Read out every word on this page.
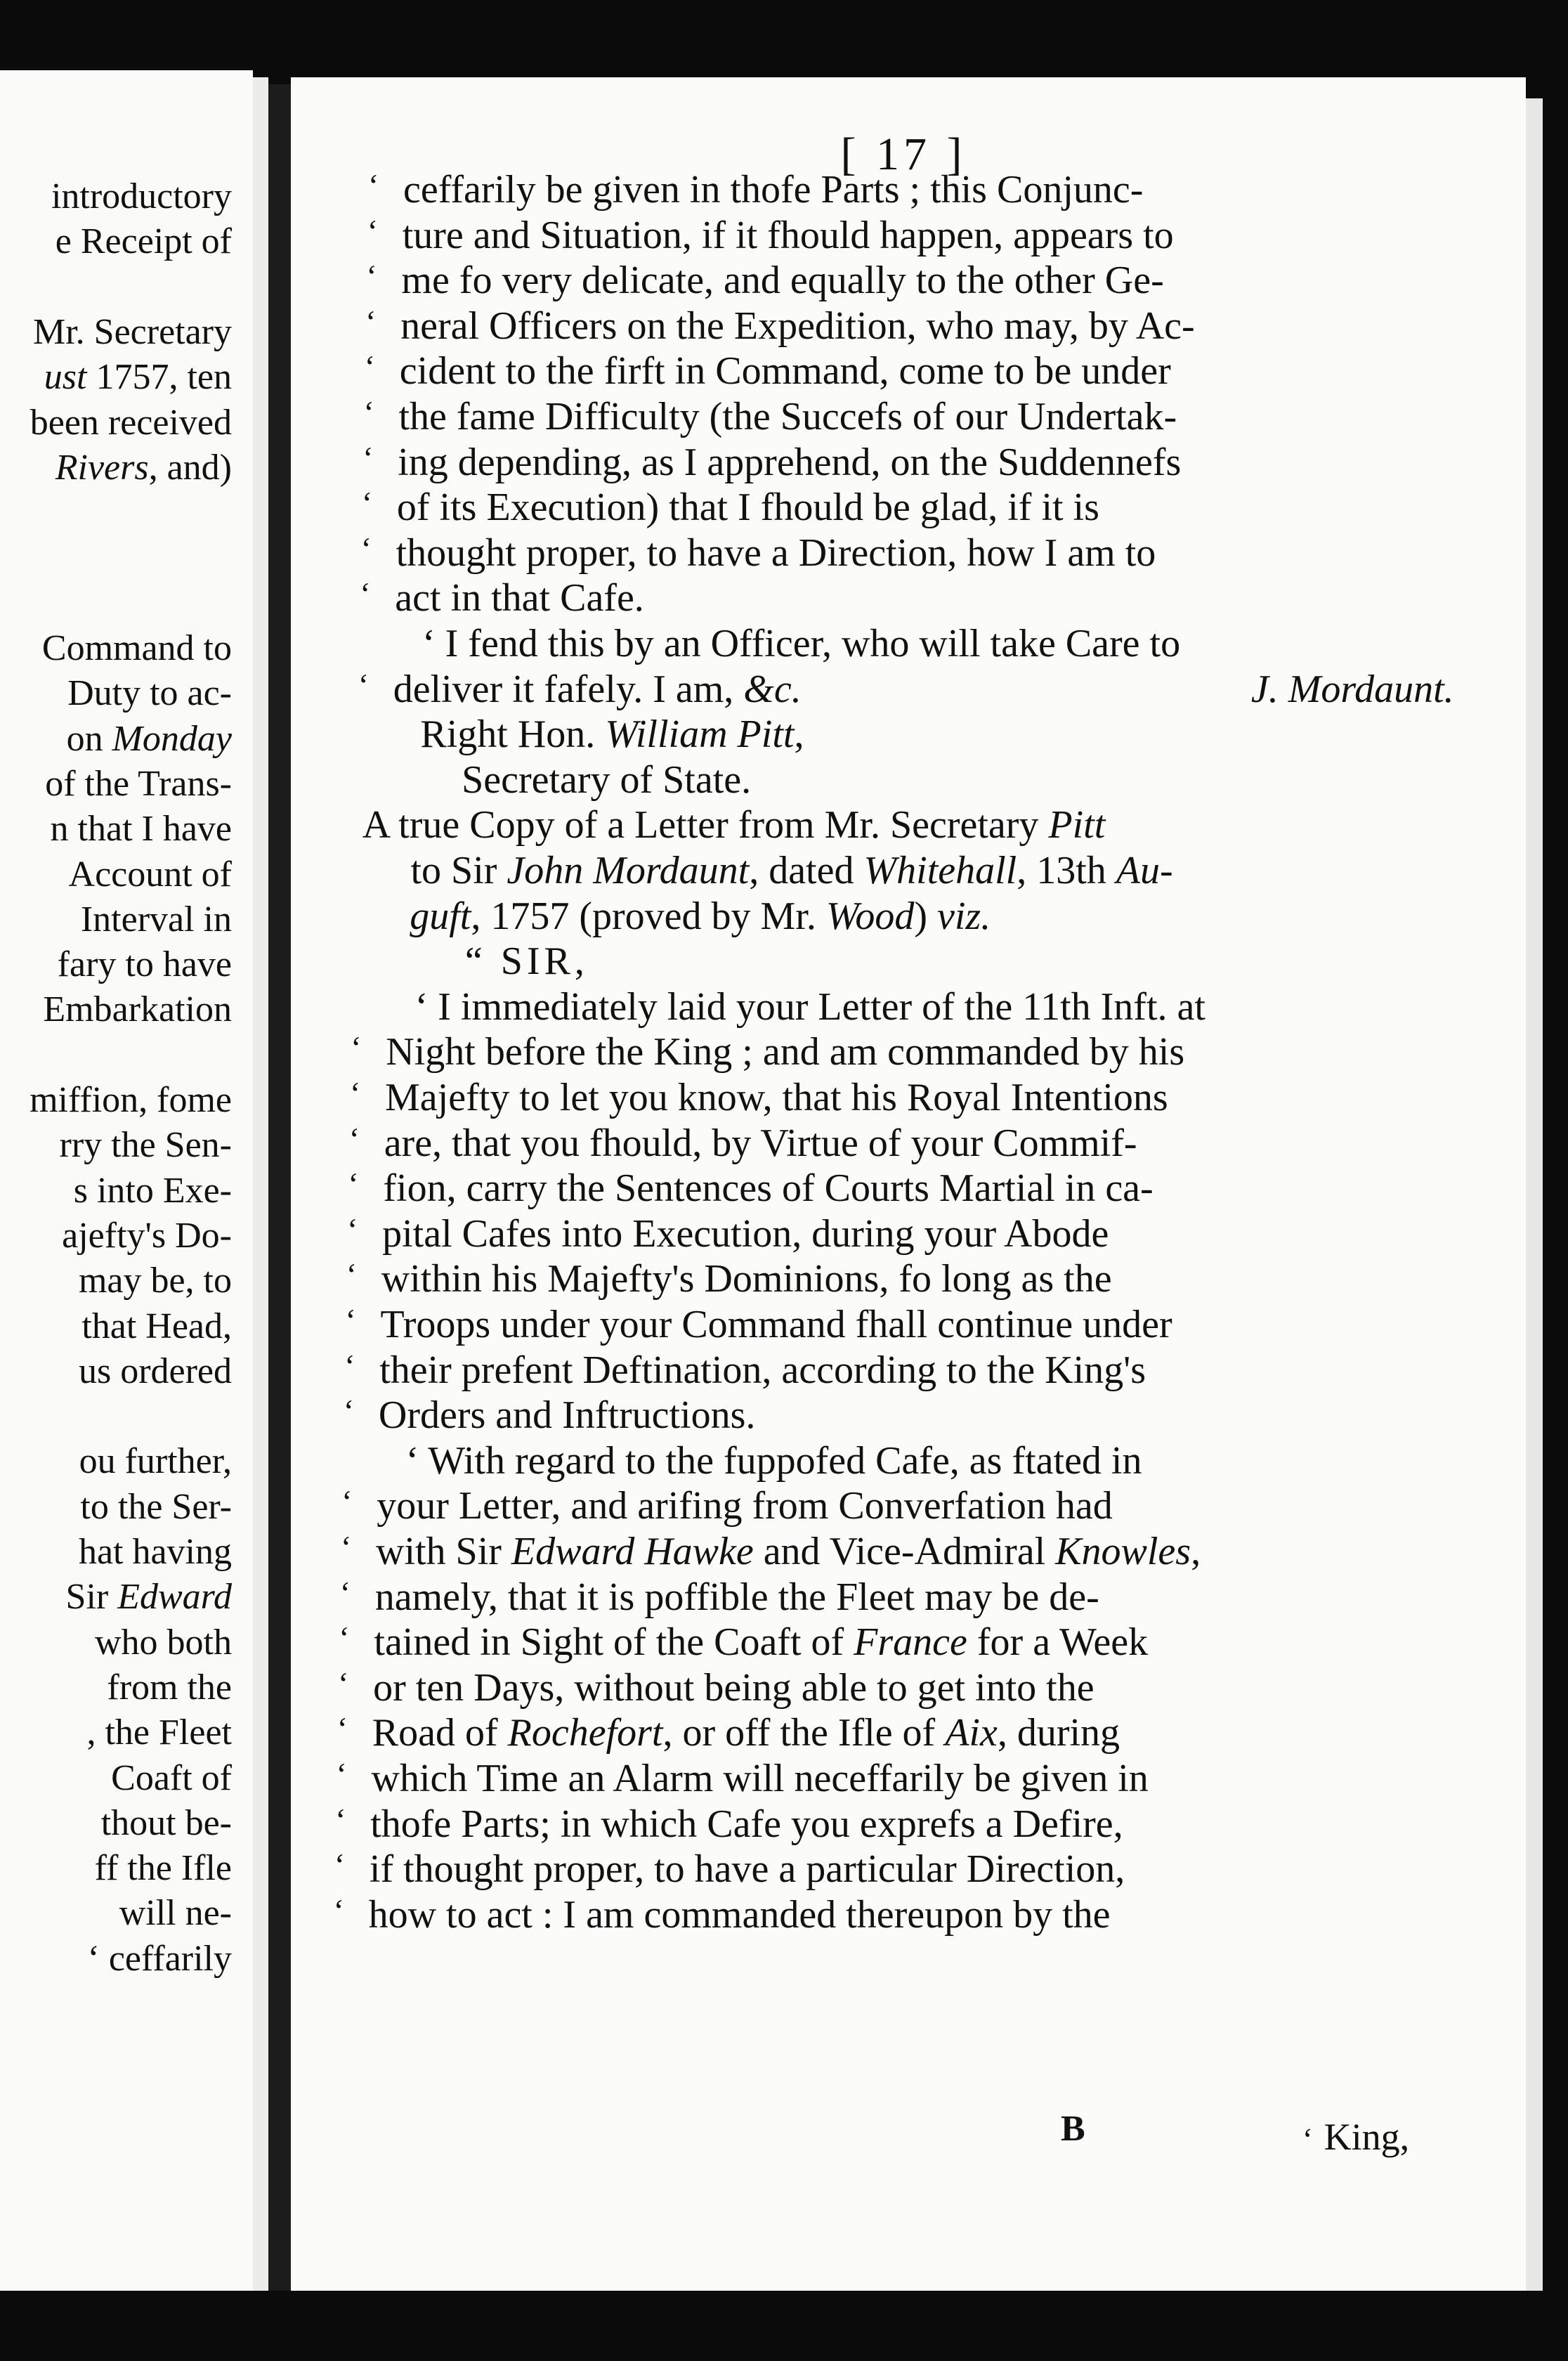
introductory
e Receipt of
Mr. Secretary
ust 1757, ten
been received
Rivers, and)
Command to
Duty to ac-
on Monday
of the Trans-
n that I have
Account of
Interval in
fary to have
Embarkation
miffion, fome
rry the Sen-
s into Exe-
ajefty's Do-
may be, to
that Head,
us ordered
ou further,
to the Ser-
hat having
Sir Edward
who both
from the
, the Fleet
Coaft of
thout be-
ff the Ifle
will ne-
‘ ceffarily
[ 17 ]
‘ ceffarily be given in thofe Parts ; this Conjunc-
‘ ture and Situation, if it fhould happen, appears to
‘ me fo very delicate, and equally to the other Ge-
‘ neral Officers on the Expedition, who may, by Ac-
‘ cident to the firft in Command, come to be under
‘ the fame Difficulty (the Succefs of our Undertak-
‘ ing depending, as I apprehend, on the Suddennefs
‘ of its Execution) that I fhould be glad, if it is
‘ thought proper, to have a Direction, how I am to
‘ act in that Cafe.
‘ I fend this by an Officer, who will take Care to
‘ deliver it fafely. I am, &c.	J. Mordaunt.
Right Hon. William Pitt,
Secretary of State.
A true Copy of a Letter from Mr. Secretary Pitt
to Sir John Mordaunt, dated Whitehall, 13th Au-
guft, 1757 (proved by Mr. Wood) viz.
“ SIR,
‘ I immediately laid your Letter of the 11th Inft. at
‘ Night before the King ; and am commanded by his
‘ Majefty to let you know, that his Royal Intentions
‘ are, that you fhould, by Virtue of your Commif-
‘ fion, carry the Sentences of Courts Martial in ca-
‘ pital Cafes into Execution, during your Abode
‘ within his Majefty's Dominions, fo long as the
‘ Troops under your Command fhall continue under
‘ their prefent Deftination, according to the King's
‘ Orders and Inftructions.
‘ With regard to the fuppofed Cafe, as ftated in
‘ your Letter, and arifing from Converfation had
‘ with Sir Edward Hawke and Vice-Admiral Knowles,
‘ namely, that it is poffible the Fleet may be de-
‘ tained in Sight of the Coaft of France for a Week
‘ or ten Days, without being able to get into the
‘ Road of Rochefort, or off the Ifle of Aix, during
‘ which Time an Alarm will neceffarily be given in
‘ thofe Parts; in which Cafe you exprefs a Defire,
‘ if thought proper, to have a particular Direction,
‘ how to act : I am commanded thereupon by the
B	‘ King,
